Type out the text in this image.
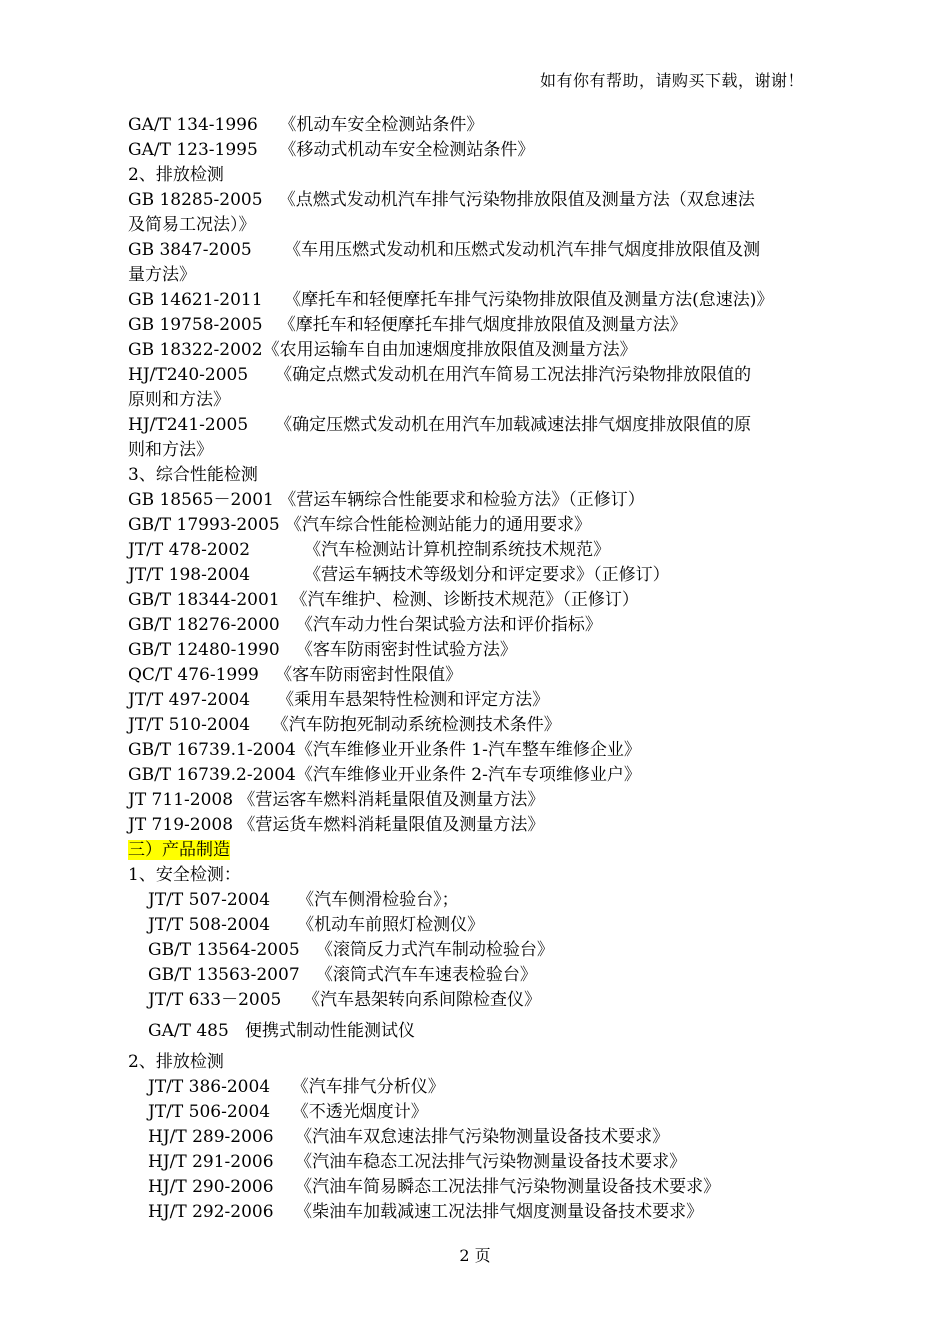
如有你有帮助，请购买下载，谢谢！
GA/T 134-1996    《机动车安全检测站条件》
GA/T 123-1995    《移动式机动车安全检测站条件》
2、排放检测
GB 18285-2005   《点燃式发动机汽车排气污染物排放限值及测量方法（双怠速法
及简易工况法）》
GB 3847-2005      《车用压燃式发动机和压燃式发动机汽车排气烟度排放限值及测
量方法》
GB 14621-2011    《摩托车和轻便摩托车排气污染物排放限值及测量方法(怠速法)》
GB 19758-2005   《摩托车和轻便摩托车排气烟度排放限值及测量方法》
GB 18322-2002《农用运输车自由加速烟度排放限值及测量方法》
HJ/T240-2005     《确定点燃式发动机在用汽车简易工况法排汽污染物排放限值的
原则和方法》
HJ/T241-2005     《确定压燃式发动机在用汽车加载减速法排气烟度排放限值的原
则和方法》
3、综合性能检测
GB 18565－2001 《营运车辆综合性能要求和检验方法》（正修订）
GB/T 17993-2005 《汽车综合性能检测站能力的通用要求》
JT/T 478-2002          《汽车检测站计算机控制系统技术规范》
JT/T 198-2004          《营运车辆技术等级划分和评定要求》（正修订）
GB/T 18344-2001  《汽车维护、检测、诊断技术规范》（正修订）
GB/T 18276-2000   《汽车动力性台架试验方法和评价指标》
GB/T 12480-1990   《客车防雨密封性试验方法》
QC/T 476-1999   《客车防雨密封性限值》
JT/T 497-2004     《乘用车悬架特性检测和评定方法》
JT/T 510-2004    《汽车防抱死制动系统检测技术条件》
GB/T 16739.1-2004《汽车维修业开业条件 1-汽车整车维修企业》
GB/T 16739.2-2004《汽车维修业开业条件 2-汽车专项维修业户》
JT 711-2008 《营运客车燃料消耗量限值及测量方法》
JT 719-2008 《营运货车燃料消耗量限值及测量方法》
三）产品制造
1、安全检测：
JT/T 507-2004     《汽车侧滑检验台》；
JT/T 508-2004     《机动车前照灯检测仪》
GB/T 13564-2005   《滚筒反力式汽车制动检验台》
GB/T 13563-2007   《滚筒式汽车车速表检验台》
JT/T 633－2005    《汽车悬架转向系间隙检查仪》
GA/T 485   便携式制动性能测试仪
2、排放检测
JT/T 386-2004    《汽车排气分析仪》
JT/T 506-2004    《不透光烟度计》
HJ/T 289-2006    《汽油车双怠速法排气污染物测量设备技术要求》
HJ/T 291-2006    《汽油车稳态工况法排气污染物测量设备技术要求》
HJ/T 290-2006    《汽油车简易瞬态工况法排气污染物测量设备技术要求》
HJ/T 292-2006    《柴油车加载减速工况法排气烟度测量设备技术要求》
2 页
